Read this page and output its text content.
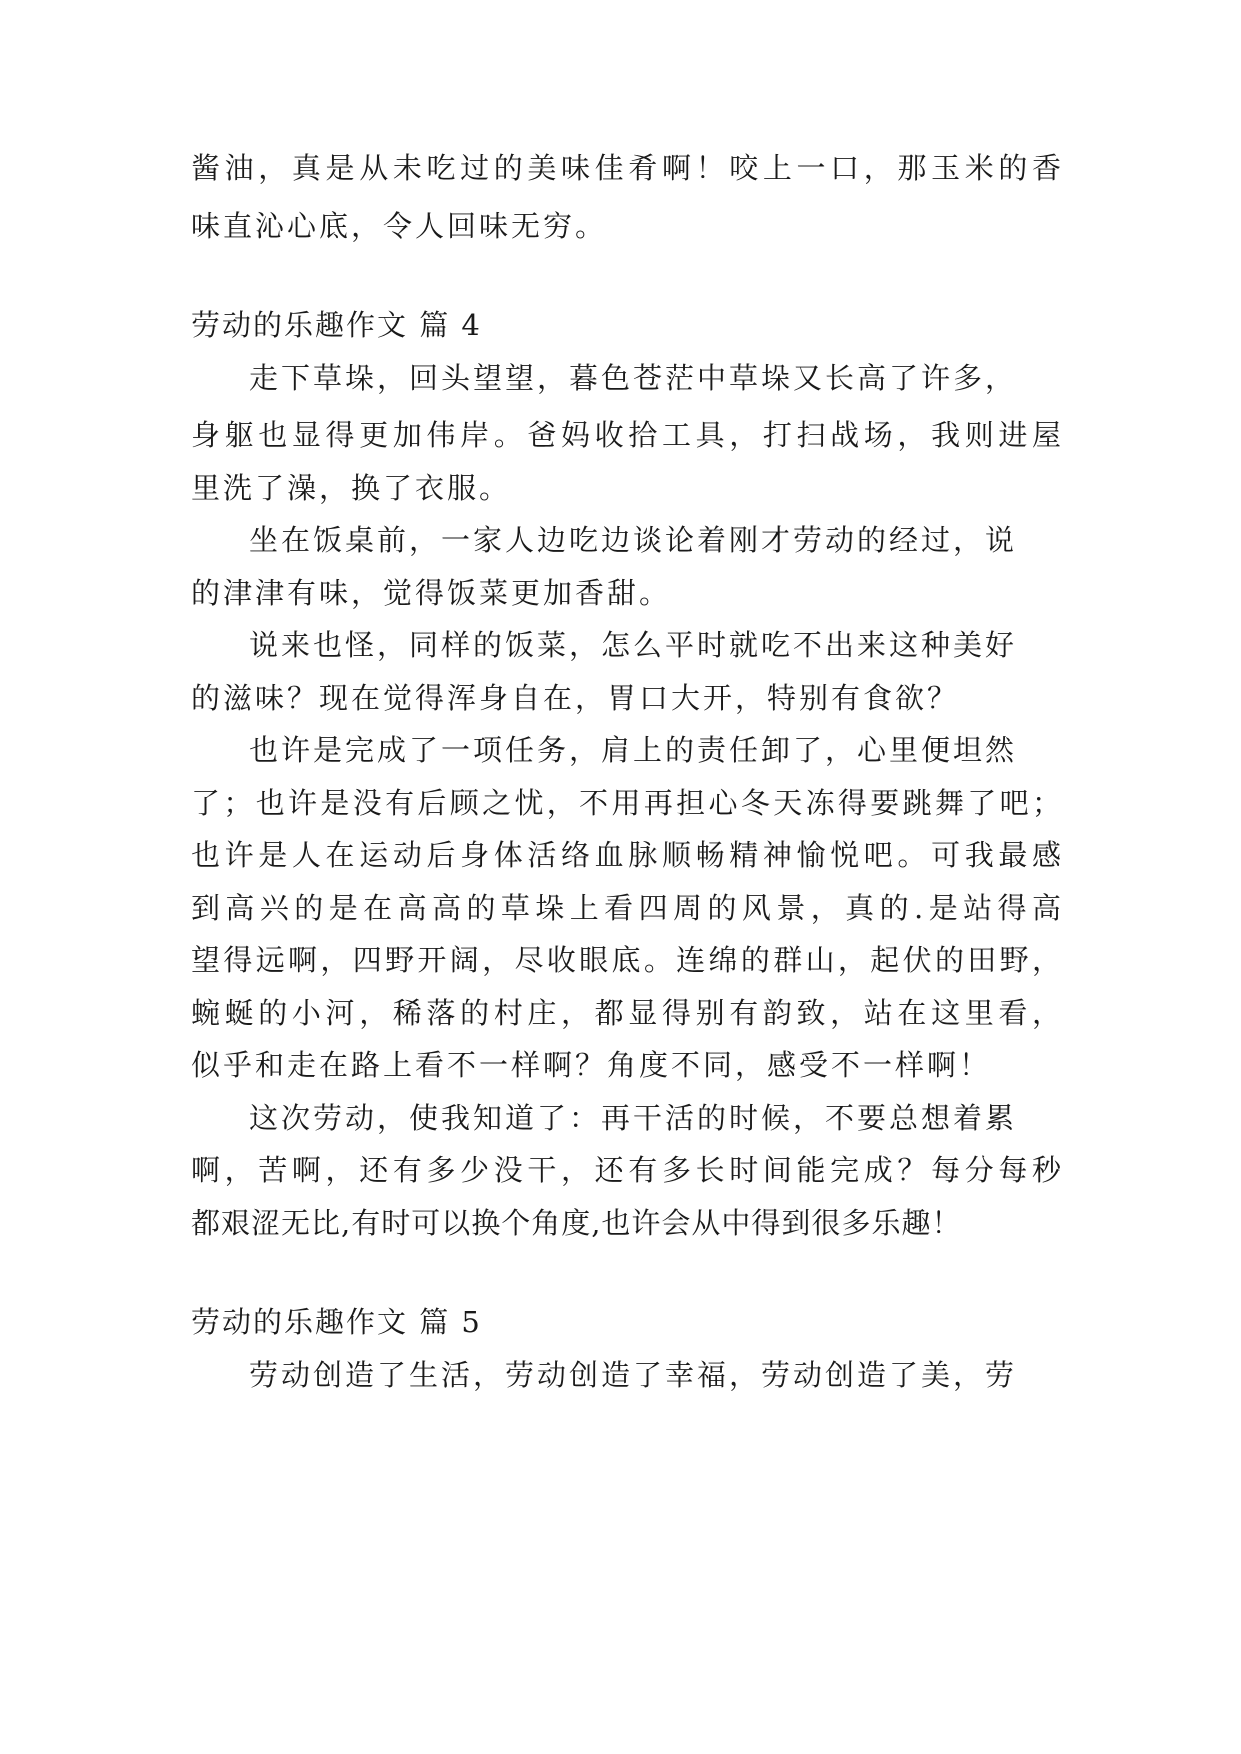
酱油，真是从未吃过的美味佳肴啊！咬上一口，那玉米的香
味直沁心底，令人回味无穷。
劳动的乐趣作文 篇 4
走下草垛，回头望望，暮色苍茫中草垛又长高了许多，
身躯也显得更加伟岸。爸妈收拾工具，打扫战场，我则进屋
里洗了澡，换了衣服。
坐在饭桌前，一家人边吃边谈论着刚才劳动的经过，说
的津津有味，觉得饭菜更加香甜。
说来也怪，同样的饭菜，怎么平时就吃不出来这种美好
的滋味？现在觉得浑身自在，胃口大开，特别有食欲？
也许是完成了一项任务，肩上的责任卸了，心里便坦然
了；也许是没有后顾之忧，不用再担心冬天冻得要跳舞了吧；
也许是人在运动后身体活络血脉顺畅精神愉悦吧。可我最感
到高兴的是在高高的草垛上看四周的风景，真的.是站得高
望得远啊，四野开阔，尽收眼底。连绵的群山，起伏的田野，
蜿蜒的小河，稀落的村庄，都显得别有韵致，站在这里看，
似乎和走在路上看不一样啊？角度不同，感受不一样啊！
这次劳动，使我知道了：再干活的时候，不要总想着累
啊，苦啊，还有多少没干，还有多长时间能完成？每分每秒
都艰涩无比,有时可以换个角度,也许会从中得到很多乐趣！
劳动的乐趣作文 篇 5
劳动创造了生活，劳动创造了幸福，劳动创造了美，劳
